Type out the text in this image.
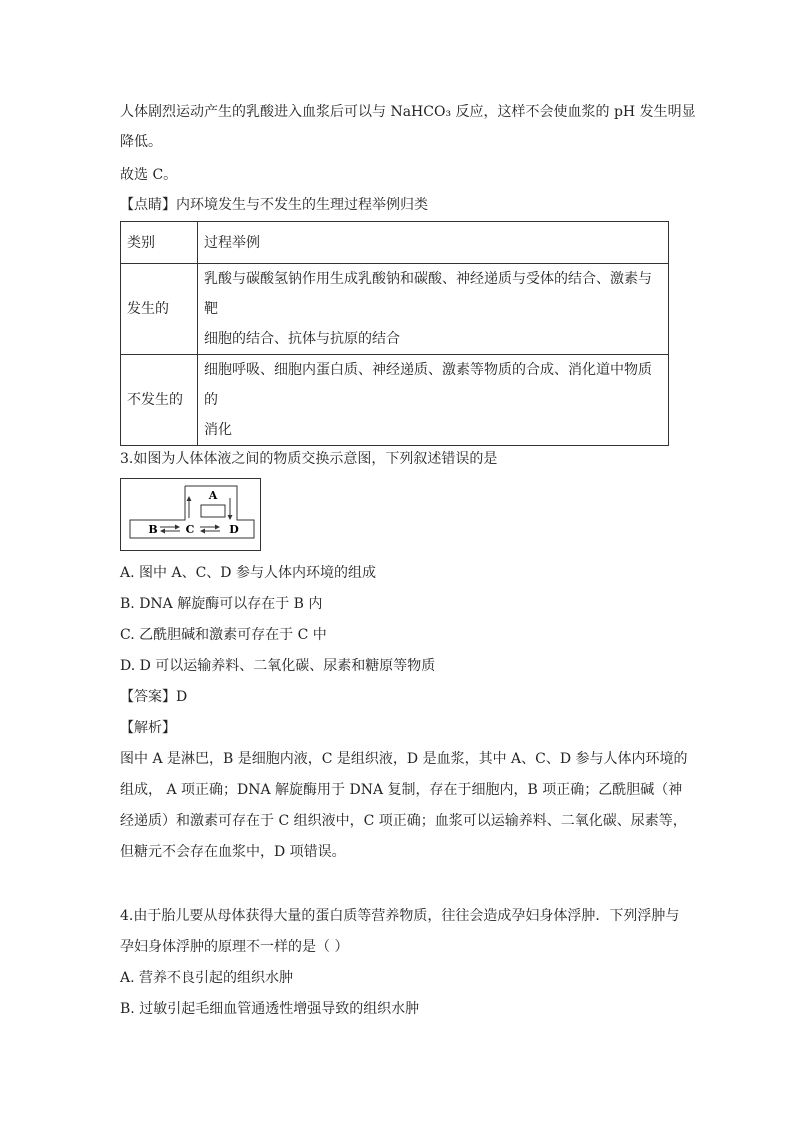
人体剧烈运动产生的乳酸进入血浆后可以与 NaHCO₃ 反应，这样不会使血浆的 pH 发生明显
降低。
故选 C。
【点睛】内环境发生与不发生的生理过程举例归类
类别	过程举例
发生的	乳酸与碳酸氢钠作用生成乳酸钠和碳酸、神经递质与受体的结合、激素与靶
细胞的结合、抗体与抗原的结合

不发生的	细胞呼吸、细胞内蛋白质、神经递质、激素等物质的合成、消化道中物质的
消化
3.如图为人体体液之间的物质交换示意图，下列叙述错误的是
A
B	C	D
A. 图中 A、C、D 参与人体内环境的组成
B. DNA 解旋酶可以存在于 B 内
C. 乙酰胆碱和激素可存在于 C 中
D. D 可以运输养料、二氧化碳、尿素和糖原等物质
【答案】D
【解析】
图中 A 是淋巴，B 是细胞内液，C 是组织液，D 是血浆，其中 A、C、D 参与人体内环境的
组成， A 项正确；DNA 解旋酶用于 DNA 复制，存在于细胞内，B 项正确；乙酰胆碱（神
经递质）和激素可存在于 C 组织液中，C 项正确；血浆可以运输养料、二氧化碳、尿素等，
但糖元不会存在血浆中，D 项错误。
4.由于胎儿要从母体获得大量的蛋白质等营养物质，往往会造成孕妇身体浮肿．下列浮肿与
孕妇身体浮肿的原理不一样的是（ ）
A. 营养不良引起的组织水肿
B. 过敏引起毛细血管通透性增强导致的组织水肿
